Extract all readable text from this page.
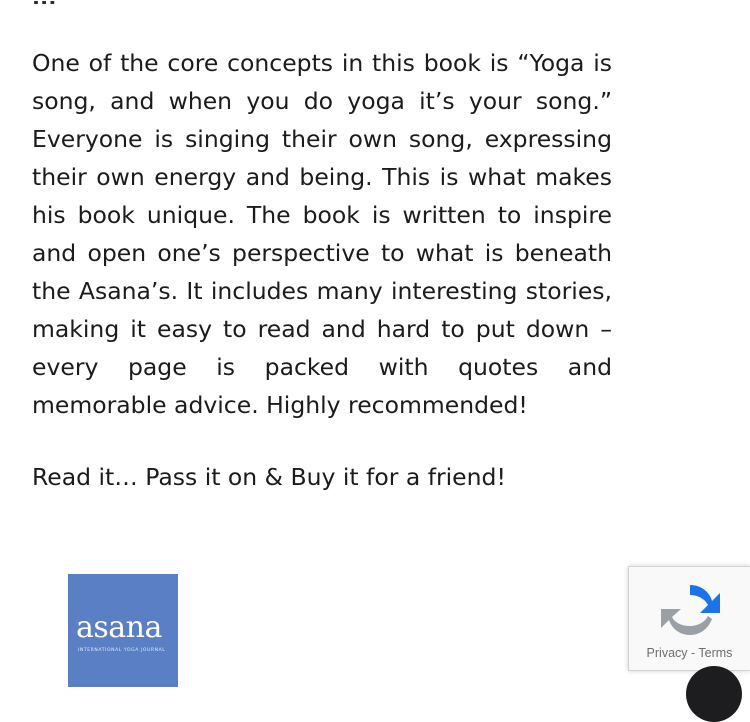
One of the core concepts in this book is “Yoga is song, and when you do yoga it’s your song.” Everyone is singing their own song, expressing their own energy and being. This is what makes his book unique. The book is written to inspire and open one’s perspective to what is beneath the Asana’s. It includes many interesting stories, making it easy to read and hard to put down – every page is packed with quotes and memorable advice. Highly recommended!

Read it… Pass it on & Buy it for a friend!

asana
INTERNATIONAL YOGA JOURNAL	Privacy - Terms
